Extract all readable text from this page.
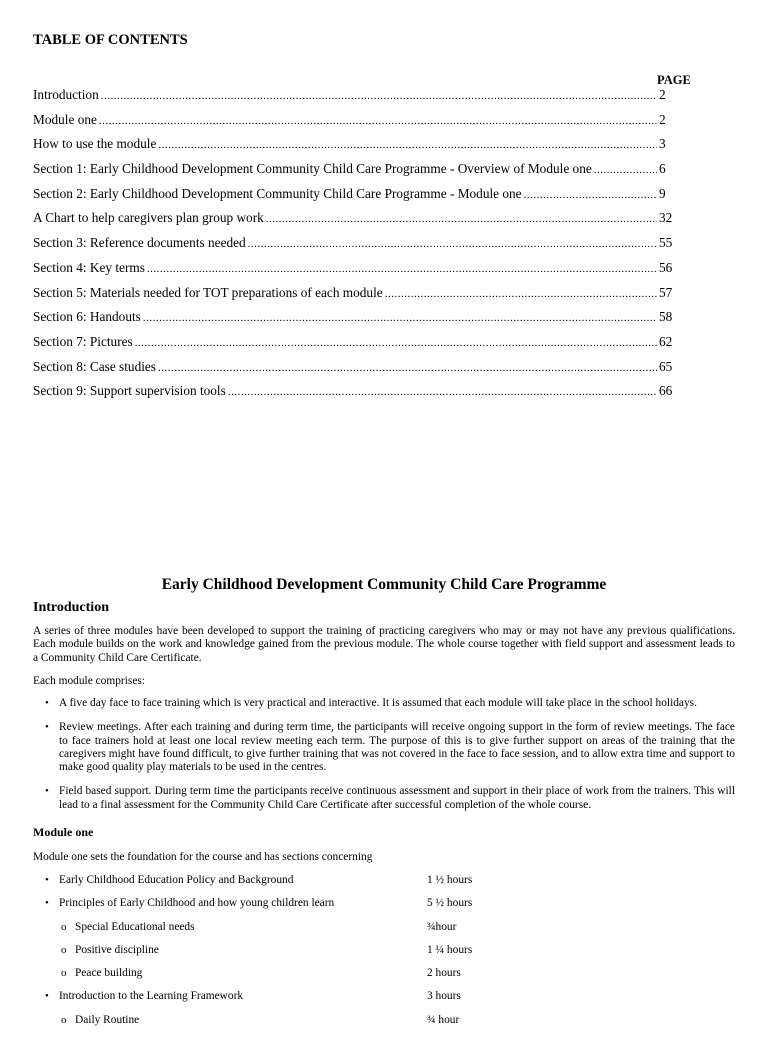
TABLE OF CONTENTS
PAGE
Introduction .....	2
Module one .....	2
How to use the module .....	3
Section 1: Early Childhood Development Community Child Care Programme - Overview of Module one .....	6
Section 2: Early Childhood Development Community Child Care Programme - Module one .....	9
A Chart to help caregivers plan group work .....	32
Section 3: Reference documents needed .....	55
Section 4: Key terms .....	56
Section 5: Materials needed for TOT preparations of each module .....	57
Section 6: Handouts .....	58
Section 7: Pictures .....	62
Section 8: Case studies .....	65
Section 9: Support supervision tools .....	66
Early Childhood Development Community Child Care Programme
Introduction

A series of three modules have been developed to support the training of practicing caregivers who may or may not have any previous qualifications. Each module builds on the work and knowledge gained from the previous module. The whole course together with field support and assessment leads to a Community Child Care Certificate.

Each module comprises:

• A five day face to face training which is very practical and interactive. It is assumed that each module will take place in the school holidays.
• Review meetings. After each training and during term time, the participants will receive ongoing support in the form of review meetings. The face to face trainers hold at least one local review meeting each term. The purpose of this is to give further support on areas of the training that the caregivers might have found difficult, to give further training that was not covered in the face to face session, and to allow extra time and support to make good quality play materials to be used in the centres.
• Field based support. During term time the participants receive continuous assessment and support in their place of work from the trainers. This will lead to a final assessment for the Community Child Care Certificate after successful completion of the whole course.
Module one

Module one sets the foundation for the course and has sections concerning

• Early Childhood Education Policy and Background	1 ½ hours
• Principles of Early Childhood and how young children learn	5 ½ hours
o Special Educational needs	¾hour
o Positive discipline	1 ¼ hours
o Peace building	2 hours
• Introduction to the Learning Framework	3 hours
o Daily Routine	¾ hour
